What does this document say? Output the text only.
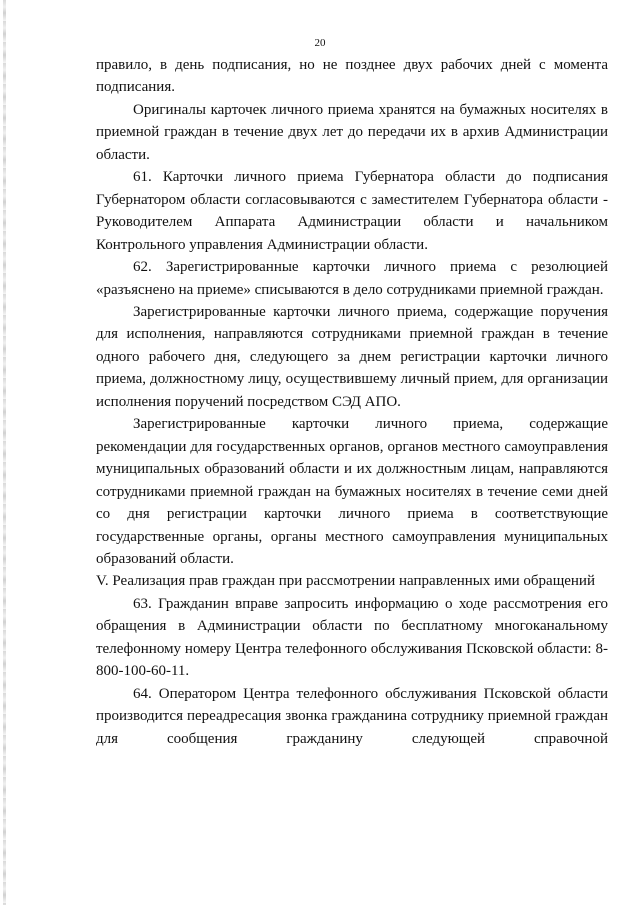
20

правило, в день подписания, но не позднее двух рабочих дней с момента подписания.

Оригиналы карточек личного приема хранятся на бумажных носителях в приемной граждан в течение двух лет до передачи их в архив Администрации области.

61. Карточки личного приема Губернатора области до подписания Губернатором области согласовываются с заместителем Губернатора области - Руководителем Аппарата Администрации области и начальником Контрольного управления Администрации области.

62. Зарегистрированные карточки личного приема с резолюцией «разъяснено на приеме» списываются в дело сотрудниками приемной граждан.

Зарегистрированные карточки личного приема, содержащие поручения для исполнения, направляются сотрудниками приемной граждан в течение одного рабочего дня, следующего за днем регистрации карточки личного приема, должностному лицу, осуществившему личный прием, для организации исполнения поручений посредством СЭД АПО.

Зарегистрированные карточки личного приема, содержащие рекомендации для государственных органов, органов местного самоуправления муниципальных образований области и их должностным лицам, направляются сотрудниками приемной граждан на бумажных носителях в течение семи дней со дня регистрации карточки личного приема в соответствующие государственные органы, органы местного самоуправления муниципальных образований области.

V. Реализация прав граждан при рассмотрении направленных ими обращений

63. Гражданин вправе запросить информацию о ходе рассмотрения его обращения в Администрации области по бесплатному многоканальному телефонному номеру Центра телефонного обслуживания Псковской области: 8-800-100-60-11.

64. Оператором Центра телефонного обслуживания Псковской области производится переадресация звонка гражданина сотруднику приемной граждан для сообщения гражданину следующей справочной
